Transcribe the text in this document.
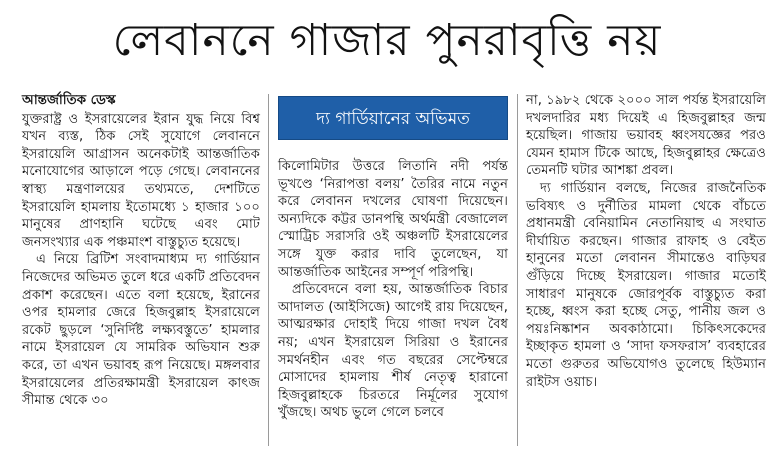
লেবাননে গাজার পুনরাবৃত্তি নয়
আন্তর্জাতিক ডেস্ক

যুক্তরাষ্ট্র ও ইসরায়েলের ইরান যুদ্ধ নিয়ে বিশ্ব যখন ব্যস্ত, ঠিক সেই সুযোগে লেবাননে ইসরায়েলি আগ্রাসন অনেকটাই আন্তর্জাতিক মনোযোগের আড়ালে পড়ে গেছে। লেবাননের স্বাস্থ্য মন্ত্রণালয়ের তথ্যমতে, দেশটিতে ইসরায়েলি হামলায় ইতোমধ্যে ১ হাজার ১০০ মানুষের প্রাণহানি ঘটেছে এবং মোট জনসংখ্যার এক পঞ্চমাংশ বাস্তুচ্যুত হয়েছে।

এ নিয়ে ব্রিটিশ সংবাদমাধ্যম দ্য গার্ডিয়ান নিজেদের অভিমত তুলে ধরে একটি প্রতিবেদন প্রকাশ করেছেন। এতে বলা হয়েছে, ইরানের ওপর হামলার জেরে হিজবুল্লাহ ইসরায়েলে রকেট ছুড়লে ‘সুনির্দিষ্ট লক্ষ্যবস্তুতে’ হামলার নামে ইসরায়েল যে সামরিক অভিযান শুরু করে, তা এখন ভয়াবহ রূপ নিয়েছে। মঙ্গলবার ইসরায়েলের প্রতিরক্ষামন্ত্রী ইসরায়েল কাৎজ সীমান্ত থেকে ৩০

দ্য গার্ডিয়ানের অভিমত

কিলোমিটার উত্তরে লিতানি নদী পর্যন্ত ভূখণ্ডে ‘নিরাপত্তা বলয়’ তৈরির নামে নতুন করে লেবানন দখলের ঘোষণা দিয়েছেন। অন্যদিকে কট্টর ডানপন্থি অর্থমন্ত্রী বেজালেল স্মোট্রিচ সরাসরি ওই অঞ্চলটি ইসরায়েলের সঙ্গে যুক্ত করার দাবি তুলেছেন, যা আন্তর্জাতিক আইনের সম্পূর্ণ পরিপন্থি।

প্রতিবেদনে বলা হয়, আন্তর্জাতিক বিচার আদালত (আইসিজে) আগেই রায় দিয়েছেন, আত্মরক্ষার দোহাই দিয়ে গাজা দখল বৈধ নয়; এখন ইসরায়েল সিরিয়া ও ইরানের সমর্থনহীন এবং গত বছরের সেপ্টেম্বরে মোসাদের হামলায় শীর্ষ নেতৃত্ব হারানো হিজবুল্লাহকে চিরতরে নির্মূলের সুযোগ খুঁজছে। অথচ ভুলে গেলে চলবে

না, ১৯৮২ থেকে ২০০০ সাল পর্যন্ত ইসরায়েলি দখলদারির মধ্য দিয়েই এ হিজবুল্লাহর জন্ম হয়েছিল। গাজায় ভয়াবহ ধ্বংসযজ্ঞের পরও যেমন হামাস টিকে আছে, হিজবুল্লাহর ক্ষেত্রেও তেমনটি ঘটার আশঙ্কা প্রবল।

দ্য গার্ডিয়ান বলছে, নিজের রাজনৈতিক ভবিষ্যৎ ও দুর্নীতির মামলা থেকে বাঁচতে প্রধানমন্ত্রী বেনিয়ামিন নেতানিয়াহু এ সংঘাত দীর্ঘায়িত করছেন। গাজার রাফাহ ও বেইত হানুনের মতো লেবানন সীমান্তেও বাড়িঘর গুঁড়িয়ে দিচ্ছে ইসরায়েল। গাজার মতোই সাধারণ মানুষকে জোরপূর্বক বাস্তুচ্যুত করা হচ্ছে, ধ্বংস করা হচ্ছে সেতু, পানীয় জল ও পয়ঃনিষ্কাশন অবকাঠামো। চিকিৎসকেদের ইচ্ছাকৃত হামলা ও ‘সাদা ফসফরাস’ ব্যবহারের মতো গুরুতর অভিযোগও তুলেছে হিউম্যান রাইটস ওয়াচ।
